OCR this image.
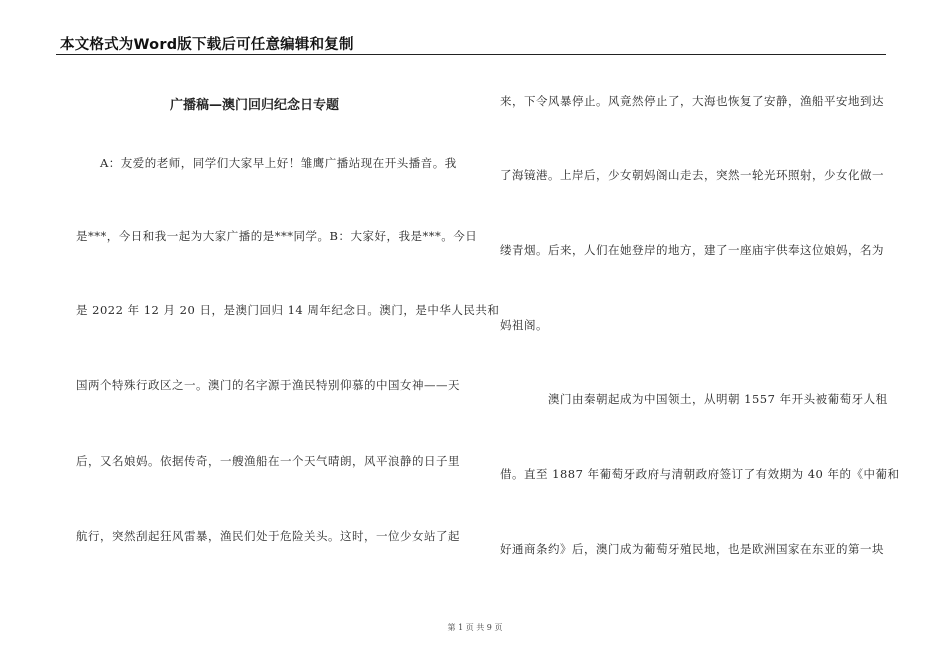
本文格式为Word版下载后可任意编辑和复制
广播稿—澳门回归纪念日专题
A：友爱的老师，同学们大家早上好！雏鹰广播站现在开头播音。我
是***，今日和我一起为大家广播的是***同学。B：大家好，我是***。今日
是 2022 年 12 月 20 日，是澳门回归 14 周年纪念日。澳门，是中华人民共和
国两个特殊行政区之一。澳门的名字源于渔民特别仰慕的中国女神——天
后，又名娘妈。依据传奇，一艘渔船在一个天气晴朗，风平浪静的日子里
航行，突然刮起狂风雷暴，渔民们处于危险关头。这时，一位少女站了起
来，下令风暴停止。风竟然停止了，大海也恢复了安静，渔船平安地到达
了海镜港。上岸后，少女朝妈阁山走去，突然一轮光环照射，少女化做一
缕青烟。后来，人们在她登岸的地方，建了一座庙宇供奉这位娘妈，名为
妈祖阁。
澳门由秦朝起成为中国领土，从明朝 1557 年开头被葡萄牙人租
借。直至 1887 年葡萄牙政府与清朝政府签订了有效期为 40 年的《中葡和
好通商条约》后，澳门成为葡萄牙殖民地，也是欧洲国家在东亚的第一块
第 1 页 共 9 页
